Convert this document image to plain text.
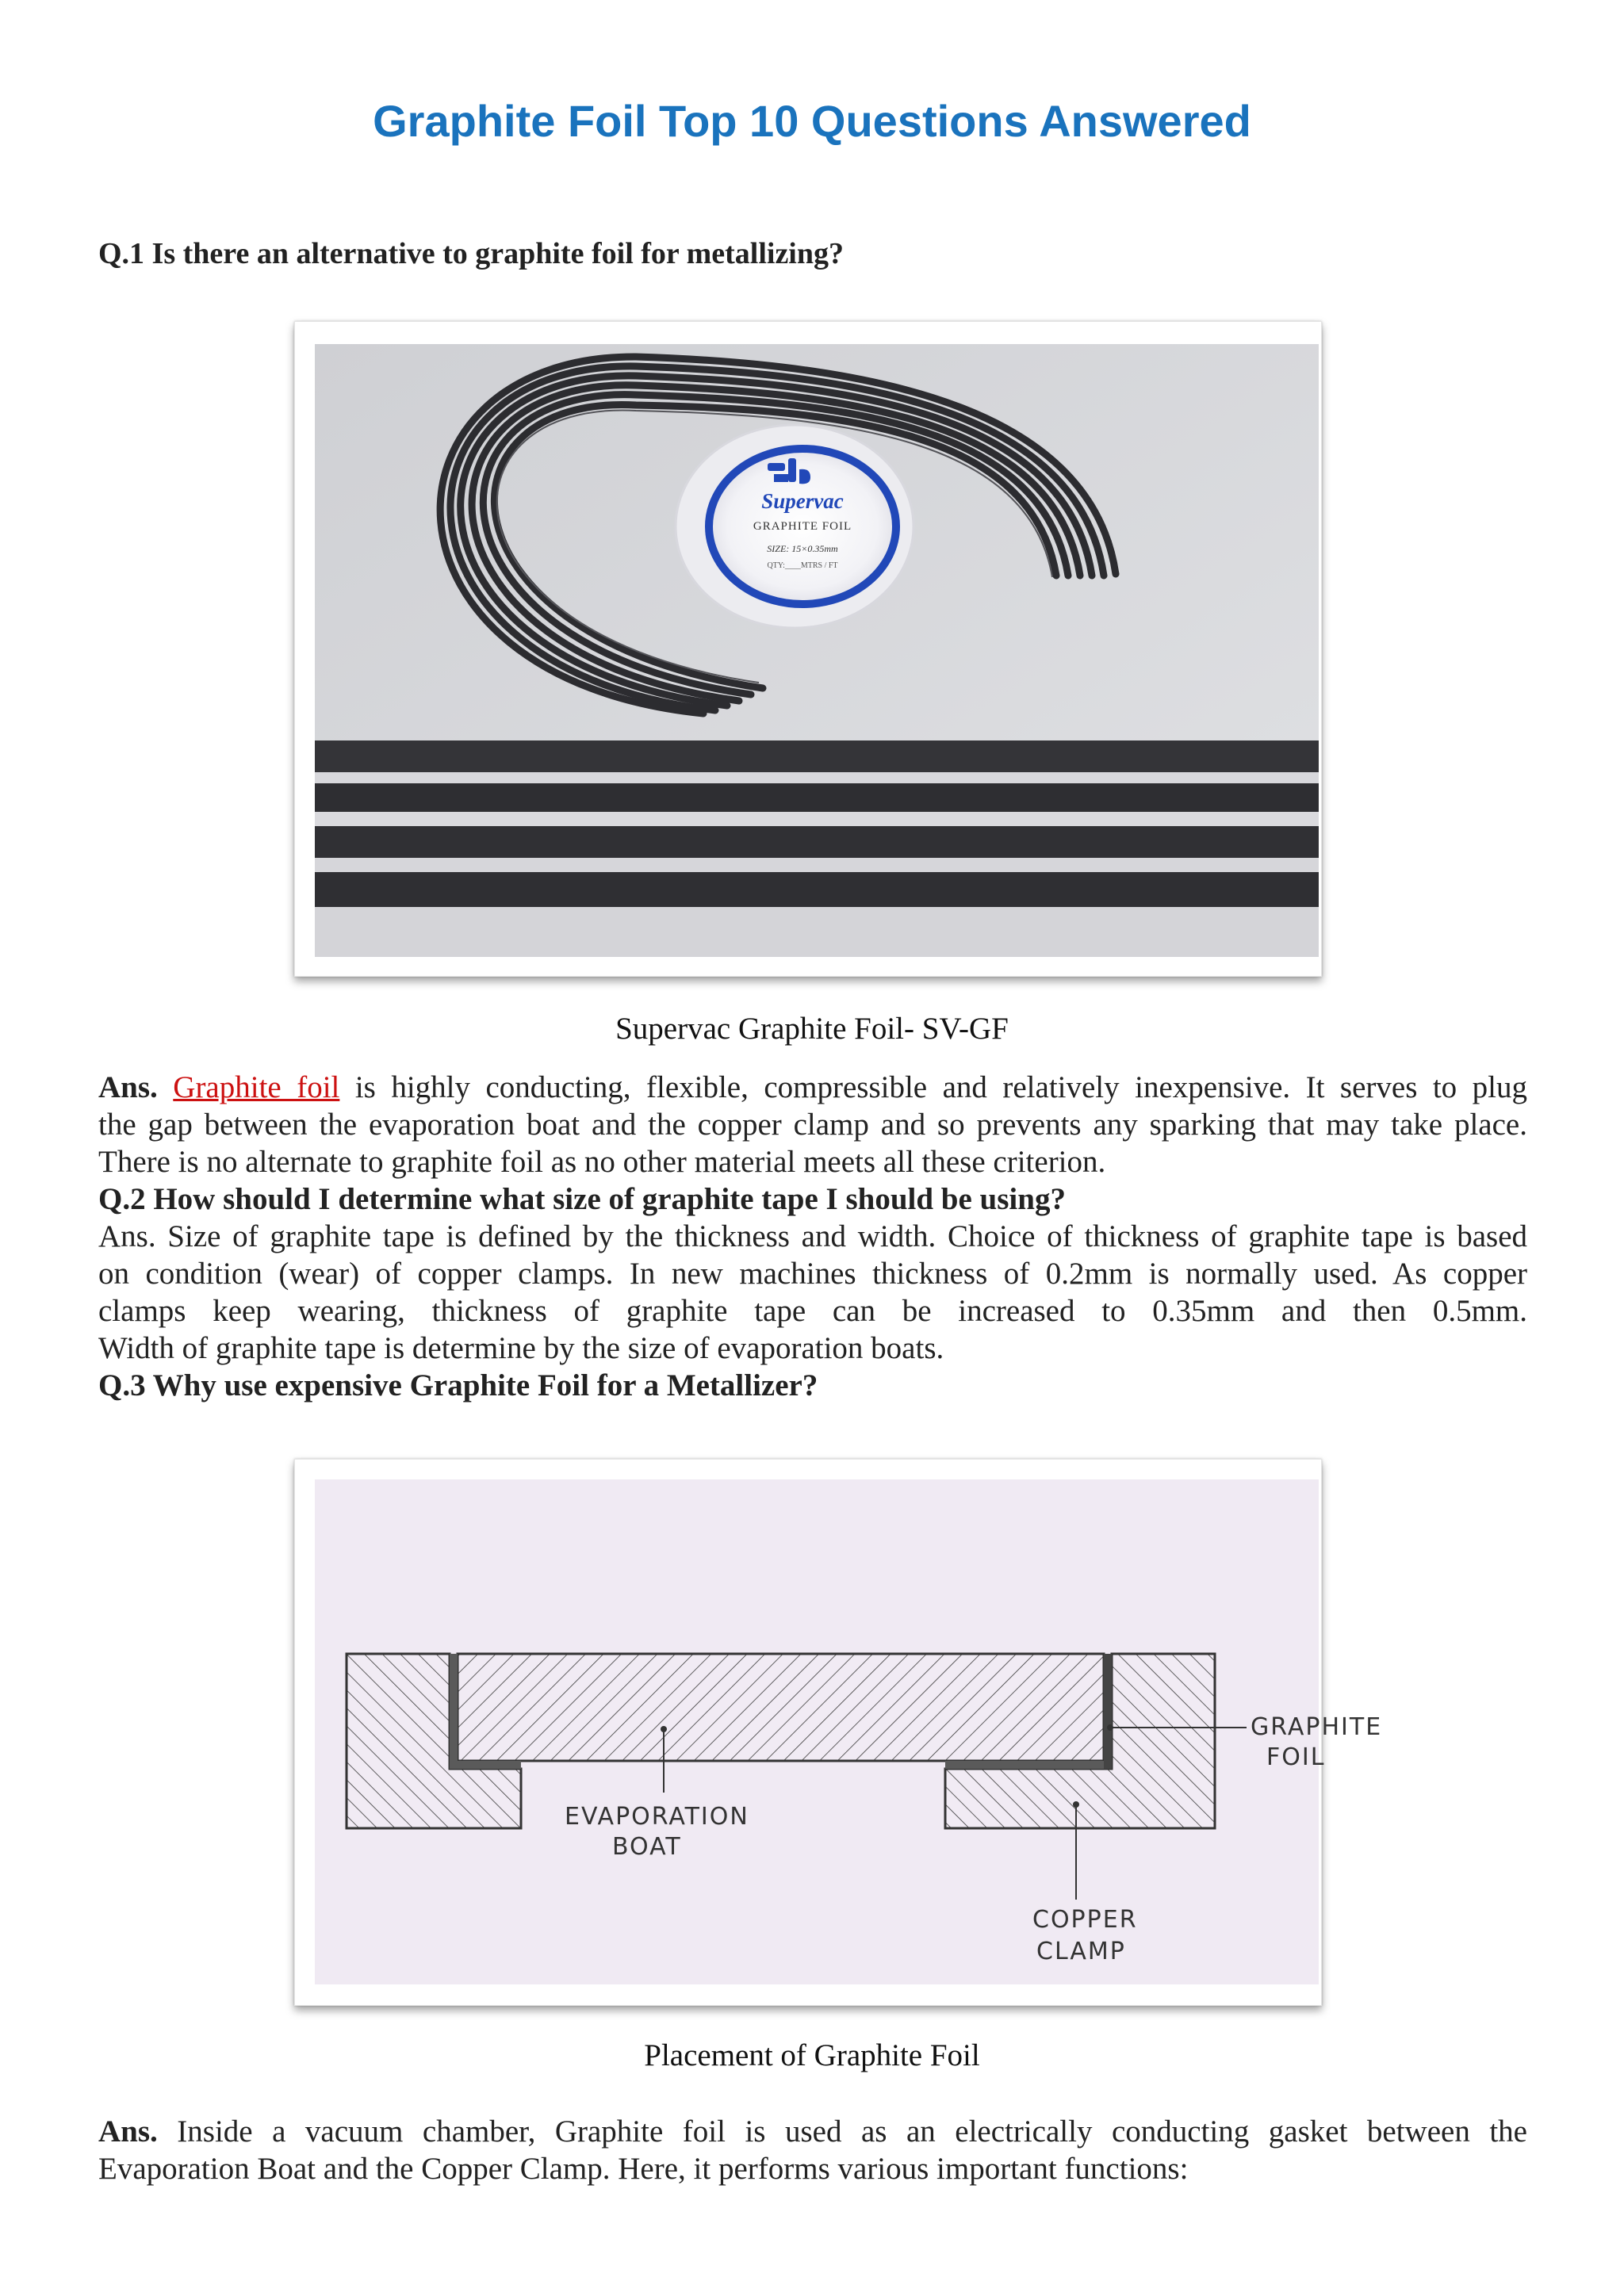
Graphite Foil Top 10 Questions Answered

Q.1 Is there an alternative to graphite foil for metallizing?

Supervac
GRAPHITE FOIL
SIZE: 15×0.35mm
QTY:____MTRS / FT

Supervac Graphite Foil- SV-GF

Ans. Graphite foil is highly conducting, flexible, compressible and relatively inexpensive. It serves to plug
the gap between the evaporation boat and the copper clamp and so prevents any sparking that may take place.
There is no alternate to graphite foil as no other material meets all these criterion.
Q.2 How should I determine what size of graphite tape I should be using?
Ans. Size of graphite tape is defined by the thickness and width. Choice of thickness of graphite tape is based
on condition (wear) of copper clamps. In new machines thickness of 0.2mm is normally used. As copper
clamps keep wearing, thickness of graphite tape can be increased to 0.35mm and then 0.5mm.
Width of graphite tape is determine by the size of evaporation boats.
Q.3 Why use expensive Graphite Foil for a Metallizer?
GRAPHITE
FOIL
EVAPORATION
BOAT
COPPER
CLAMP

Placement of Graphite Foil

Ans. Inside a vacuum chamber, Graphite foil is used as an electrically conducting gasket between the
Evaporation Boat and the Copper Clamp. Here, it performs various important functions:
